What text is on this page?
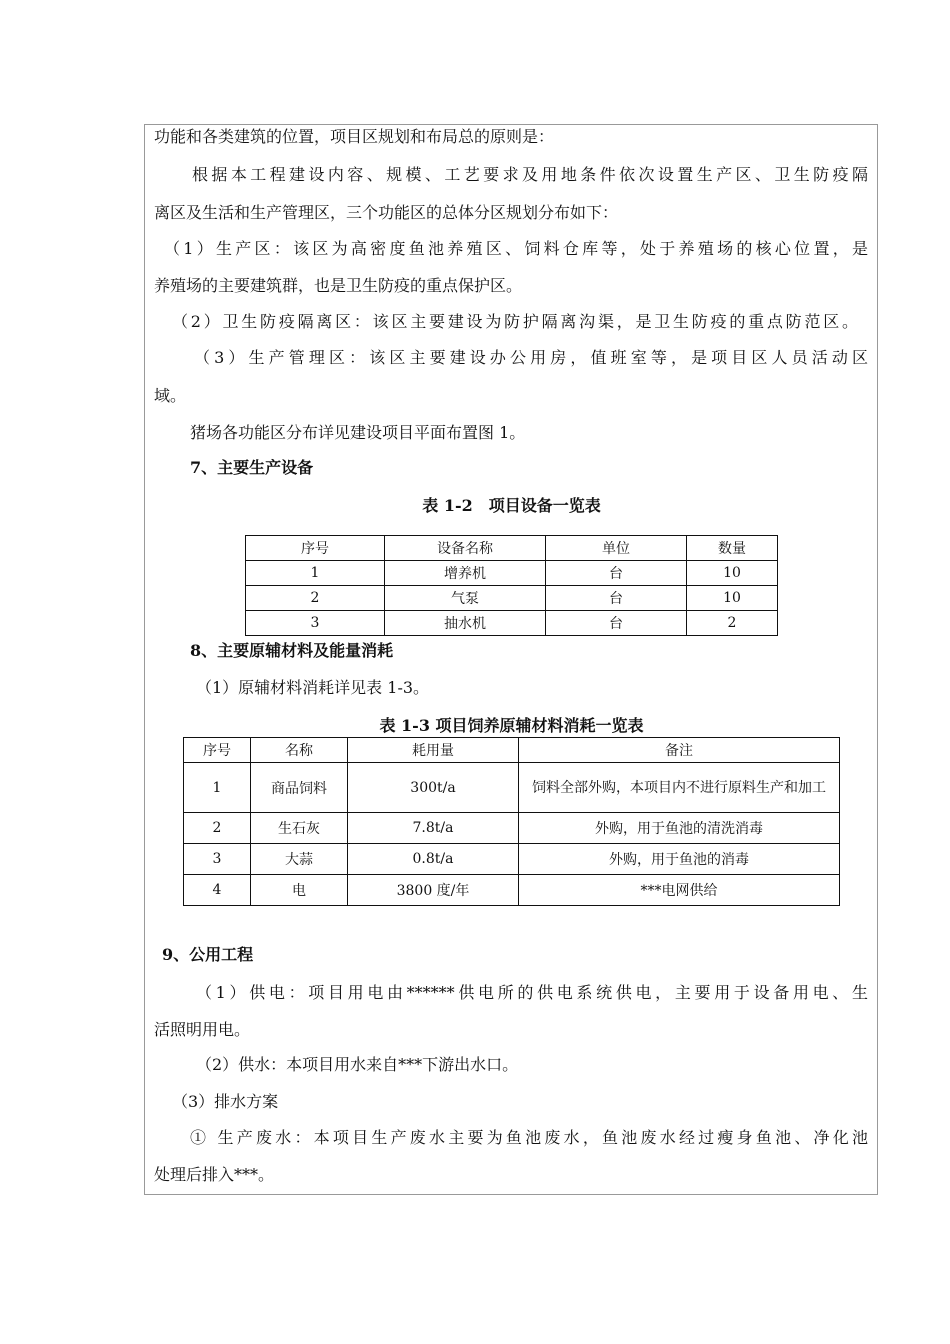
功能和各类建筑的位置，项目区规划和布局总的原则是：
根据本工程建设内容、规模、工艺要求及用地条件依次设置生产区、卫生防疫隔
离区及生活和生产管理区，三个功能区的总体分区规划分布如下：
（1）生产区：该区为高密度鱼池养殖区、饲料仓库等，处于养殖场的核心位置，是
养殖场的主要建筑群，也是卫生防疫的重点保护区。
（2）卫生防疫隔离区：该区主要建设为防护隔离沟渠，是卫生防疫的重点防范区。
（3）生产管理区：该区主要建设办公用房，值班室等，是项目区人员活动区
域。
猪场各功能区分布详见建设项目平面布置图 1。
7、主要生产设备
表 1-2　项目设备一览表
序号	设备名称	单位	数量
1	增养机	台	10
2	气泵	台	10
3	抽水机	台	2
8、主要原辅材料及能量消耗
（1）原辅材料消耗详见表 1-3。
表 1-3 项目饲养原辅材料消耗一览表
序号	名称	耗用量	备注
1	商品饲料	300t/a	饲料全部外购，本项目内不进行原料生产和加工
2	生石灰	7.8t/a	外购，用于鱼池的清洗消毒
3	大蒜	0.8t/a	外购，用于鱼池的消毒
4	电	3800 度/年	***电网供给
9、公用工程
（1）供电：项目用电由******供电所的供电系统供电，主要用于设备用电、生
活照明用电。
（2）供水：本项目用水来自***下游出水口。
（3）排水方案
① 生产废水：本项目生产废水主要为鱼池废水，鱼池废水经过瘦身鱼池、净化池
处理后排入***。
